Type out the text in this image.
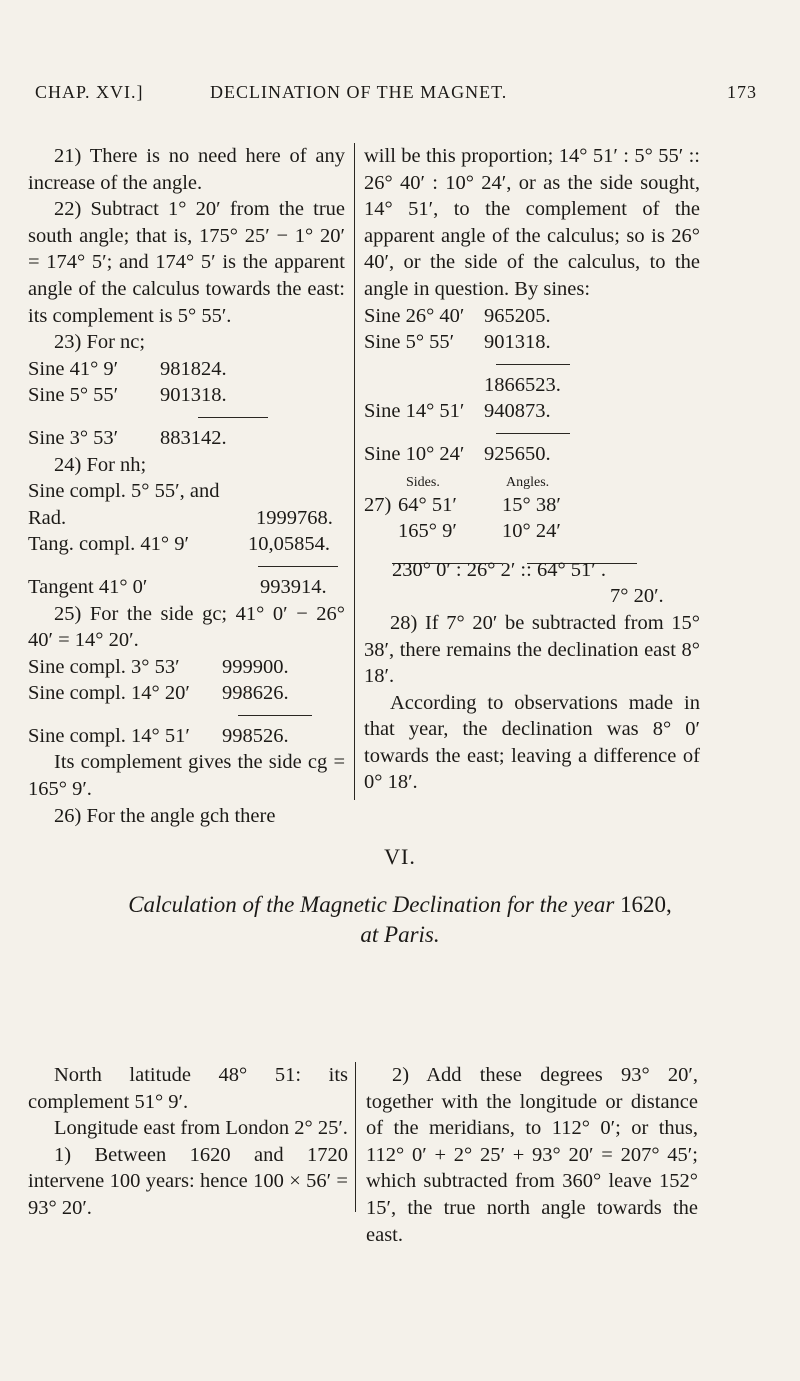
CHAP. XVI.]	DECLINATION OF THE MAGNET.	173

21) There is no need here of any increase of the angle.

22) Subtract 1° 20′ from the true south angle; that is, 175° 25′ − 1° 20′ = 174° 5′; and 174° 5′ is the apparent angle of the calculus towards the east: its complement is 5° 55′.

23) For nc;

Sine 41° 9′ 981824.
Sine 5° 55′ 901318.
Sine 3° 53′ 883142.

24) For nh;

Sine compl. 5° 55′, and
Rad.	1999768.
Tang. compl. 41° 9′	10,05854.
Tangent 41° 0′	993914.

25) For the side gc; 41° 0′ − 26° 40′ = 14° 20′.

Sine compl. 3° 53′ 999900.
Sine compl. 14° 20′ 998626.
Sine compl. 14° 51′ 998526.

Its complement gives the side cg = 165° 9′.

26) For the angle gch there

will be this proportion; 14° 51′ : 5° 55′ :: 26° 40′ : 10° 24′, or as the side sought, 14° 51′, to the complement of the apparent angle of the calculus; so is 26° 40′, or the side of the calculus, to the angle in question. By sines:

Sine 26° 40′ 965205.
Sine 5° 55′ 901318.
1866523.
Sine 14° 51′ 940873.
Sine 10° 24′ 925650.
Sides.	Angles.
27) 64° 51′ 15° 38′
165° 9′ 10° 24′

230° 0′ : 26° 2′ :: 64° 51′ .
7° 20′.

28) If 7° 20′ be subtracted from 15° 38′, there remains the declination east 8° 18′.

According to observations made in that year, the declination was 8° 0′ towards the east; leaving a difference of 0° 18′.

VI.
Calculation of the Magnetic Declination for the year 1620,
at Paris.

North latitude 48° 51: its complement 51° 9′.

Longitude east from London 2° 25′.

1) Between 1620 and 1720 intervene 100 years: hence 100 × 56′ = 93° 20′.

2) Add these degrees 93° 20′, together with the longitude or distance of the meridians, to 112° 0′; or thus, 112° 0′ + 2° 25′ + 93° 20′ = 207° 45′; which subtracted from 360° leave 152° 15′, the true north angle towards the east.
